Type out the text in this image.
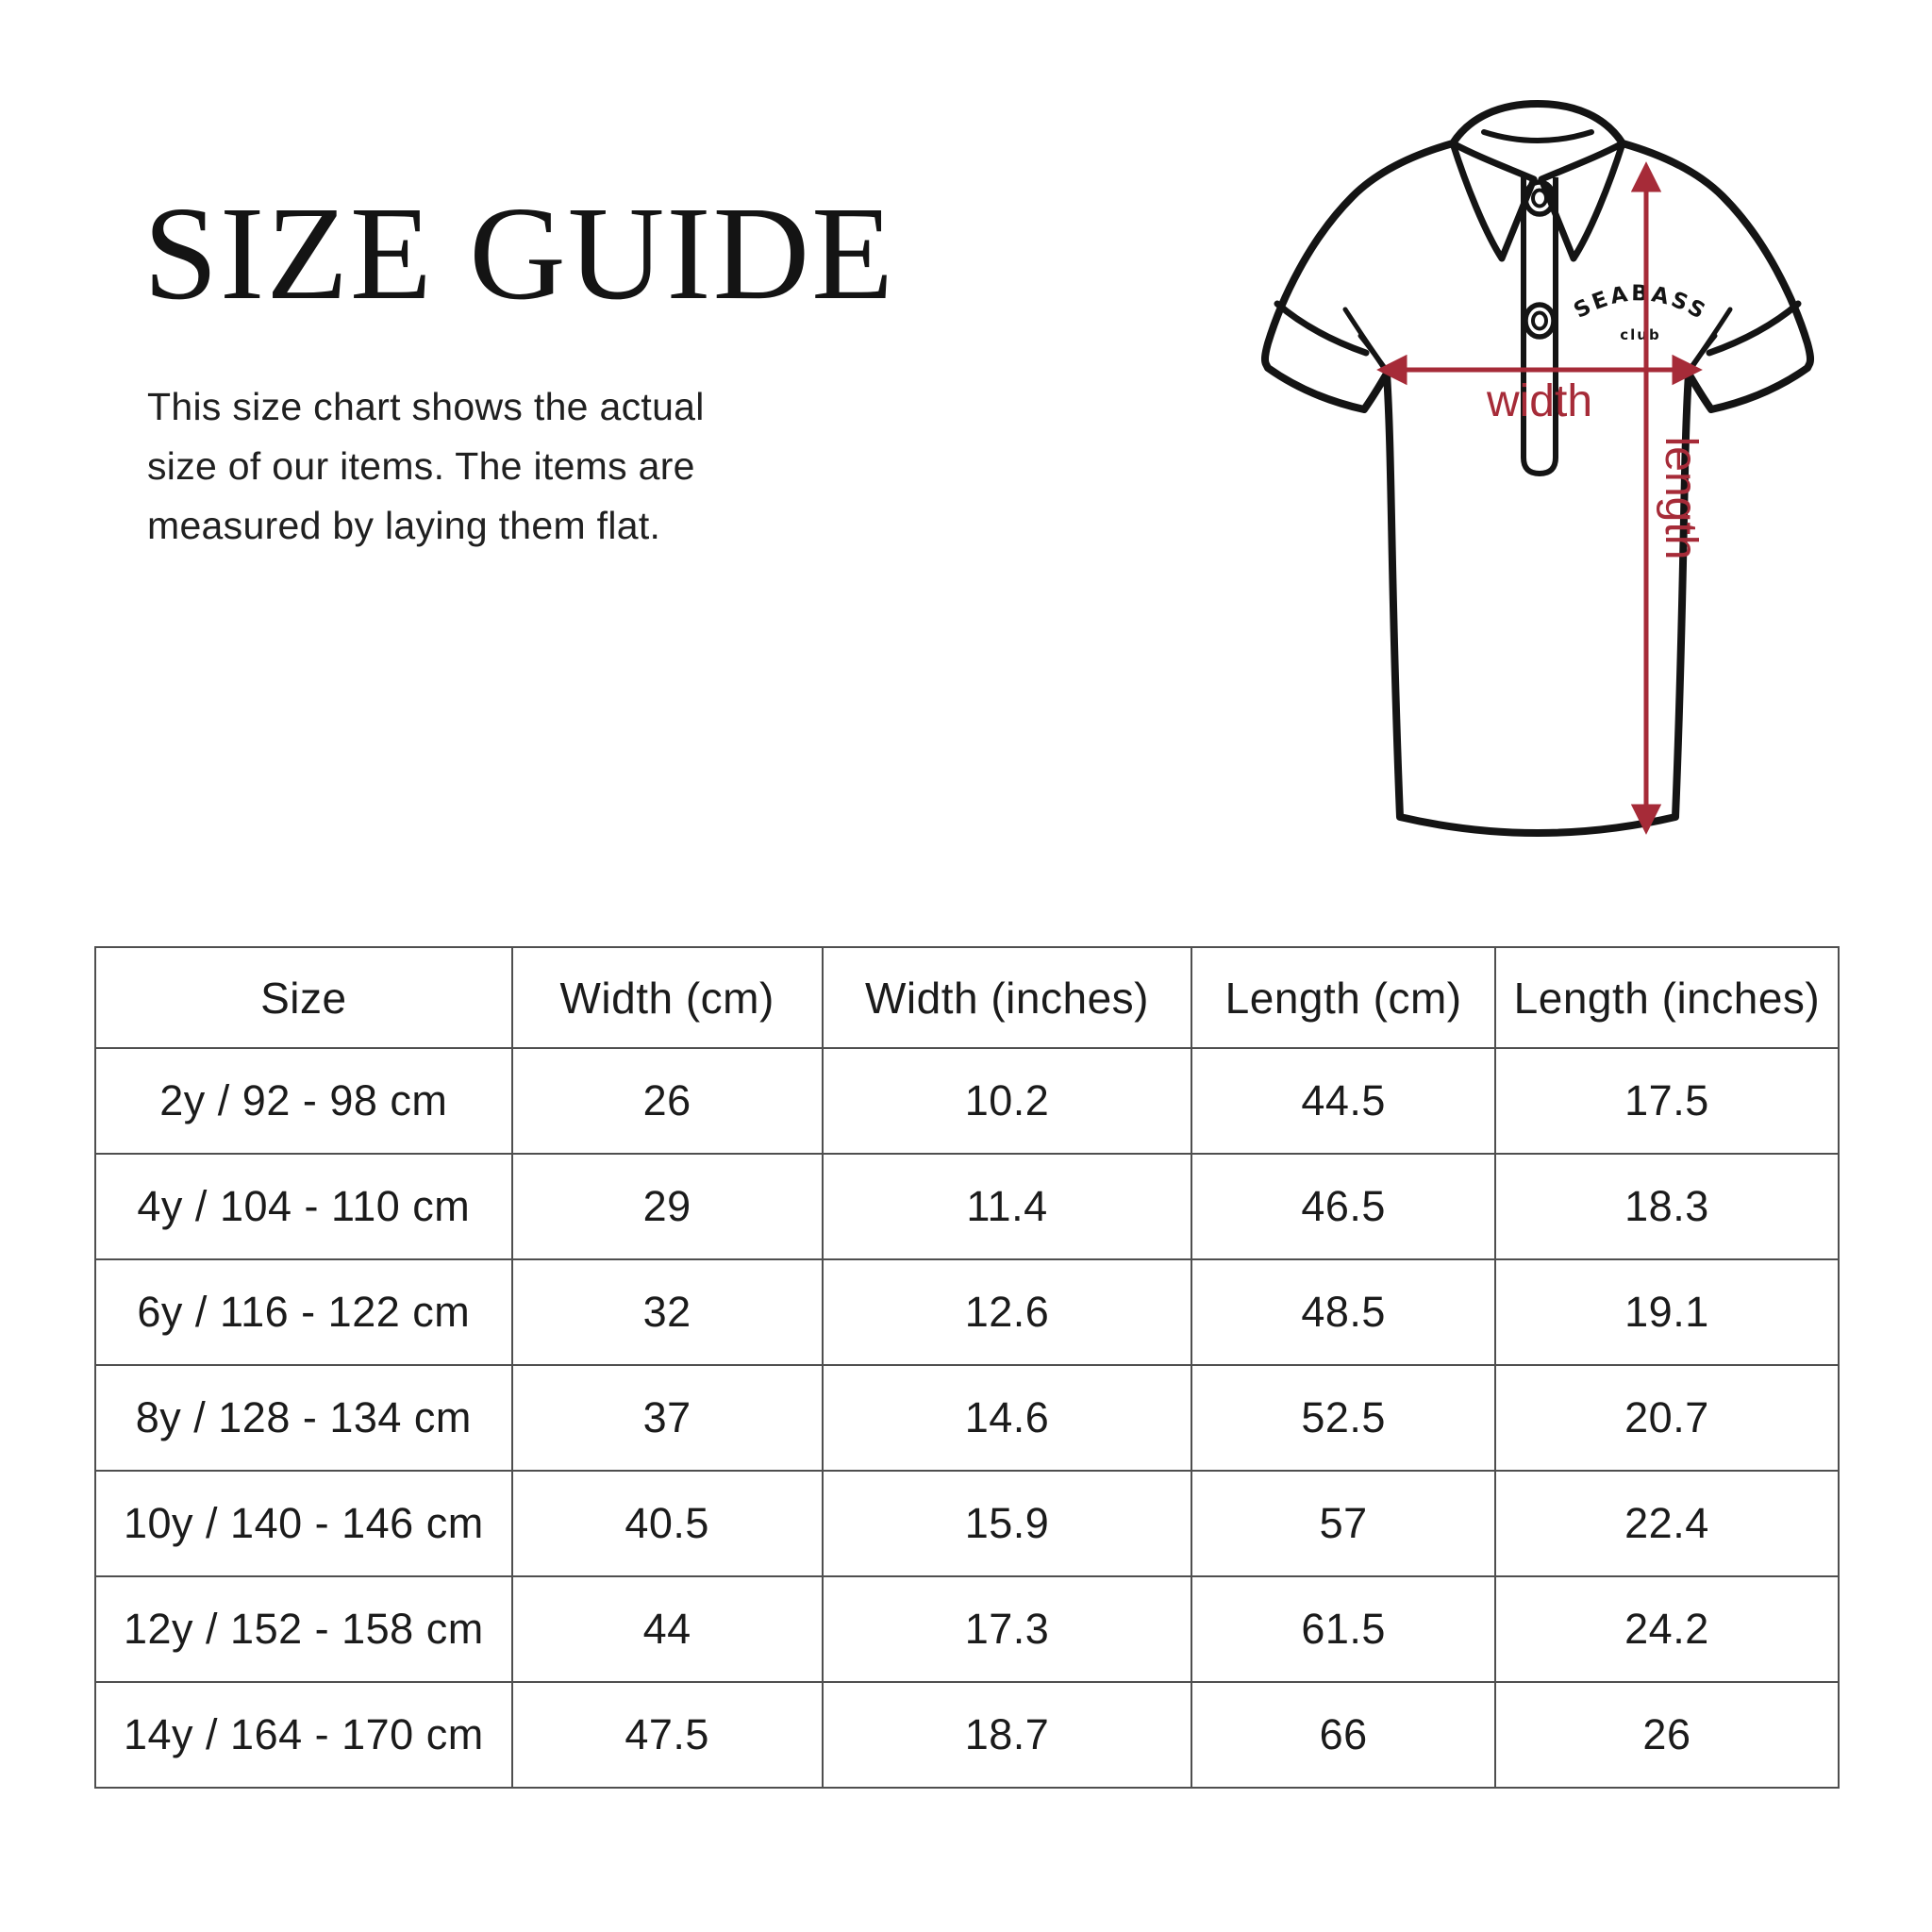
SIZE GUIDE
This size chart shows the actual
size of our items. The items are
measured by laying them flat.
SEABASS
club
width
length
Size	Width (cm)	Width (inches)	Length (cm)	Length (inches)
2y / 92 - 98 cm	26	10.2	44.5	17.5
4y / 104 - 110 cm	29	11.4	46.5	18.3
6y / 116 - 122 cm	32	12.6	48.5	19.1
8y / 128 - 134 cm	37	14.6	52.5	20.7
10y / 140 - 146 cm	40.5	15.9	57	22.4
12y / 152 - 158 cm	44	17.3	61.5	24.2
14y / 164 - 170 cm	47.5	18.7	66	26
